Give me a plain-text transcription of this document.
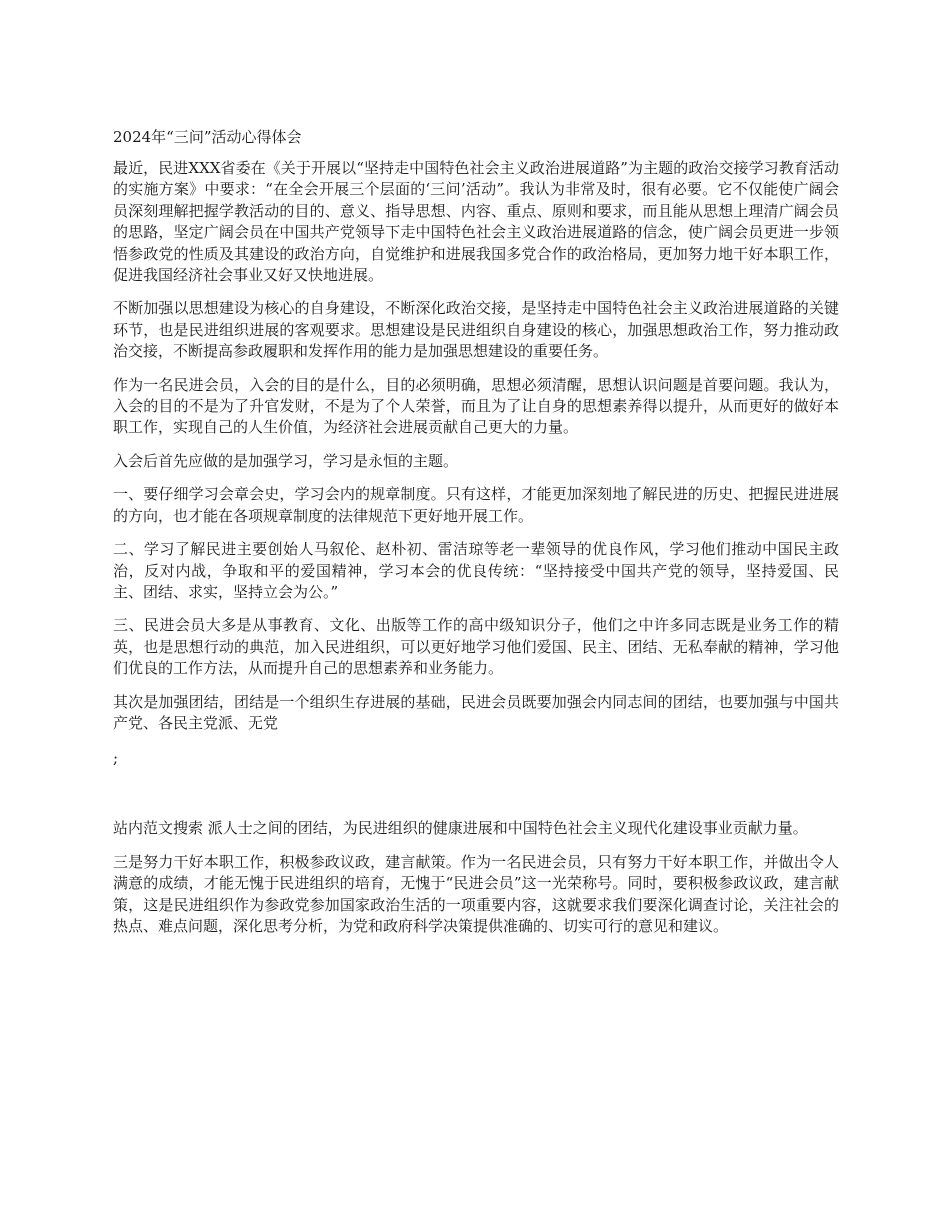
2024年“三问”活动心得体会

最近，民进XXX省委在《关于开展以“坚持走中国特色社会主义政治进展道路”为主题的政治交接学习教育活动的实施方案》中要求：“在全会开展三个层面的‘三问’活动”。我认为非常及时，很有必要。它不仅能使广阔会员深刻理解把握学教活动的目的、意义、指导思想、内容、重点、原则和要求，而且能从思想上理清广阔会员的思路，坚定广阔会员在中国共产党领导下走中国特色社会主义政治进展道路的信念，使广阔会员更进一步领悟参政党的性质及其建设的政治方向，自觉维护和进展我国多党合作的政治格局，更加努力地干好本职工作，促进我国经济社会事业又好又快地进展。

不断加强以思想建设为核心的自身建设，不断深化政治交接，是坚持走中国特色社会主义政治进展道路的关键环节，也是民进组织进展的客观要求。思想建设是民进组织自身建设的核心，加强思想政治工作，努力推动政治交接，不断提高参政履职和发挥作用的能力是加强思想建设的重要任务。

作为一名民进会员，入会的目的是什么，目的必须明确，思想必须清醒，思想认识问题是首要问题。我认为，入会的目的不是为了升官发财，不是为了个人荣誉，而且为了让自身的思想素养得以提升，从而更好的做好本职工作，实现自己的人生价值，为经济社会进展贡献自己更大的力量。

入会后首先应做的是加强学习，学习是永恒的主题。

一、要仔细学习会章会史，学习会内的规章制度。只有这样，才能更加深刻地了解民进的历史、把握民进进展的方向，也才能在各项规章制度的法律规范下更好地开展工作。

二、学习了解民进主要创始人马叙伦、赵朴初、雷洁琼等老一辈领导的优良作风，学习他们推动中国民主政治，反对内战，争取和平的爱国精神，学习本会的优良传统：“坚持接受中国共产党的领导，坚持爱国、民主、团结、求实，坚持立会为公。”

三、民进会员大多是从事教育、文化、出版等工作的高中级知识分子，他们之中许多同志既是业务工作的精英，也是思想行动的典范，加入民进组织，可以更好地学习他们爱国、民主、团结、无私奉献的精神，学习他们优良的工作方法，从而提升自己的思想素养和业务能力。

其次是加强团结，团结是一个组织生存进展的基础，民进会员既要加强会内同志间的团结，也要加强与中国共产党、各民主党派、无党

;

站内范文搜索 派人士之间的团结，为民进组织的健康进展和中国特色社会主义现代化建设事业贡献力量。

三是努力干好本职工作，积极参政议政，建言献策。作为一名民进会员，只有努力干好本职工作，并做出令人满意的成绩，才能无愧于民进组织的培育，无愧于“民进会员”这一光荣称号。同时，要积极参政议政，建言献策，这是民进组织作为参政党参加国家政治生活的一项重要内容，这就要求我们要深化调查讨论，关注社会的热点、难点问题，深化思考分析，为党和政府科学决策提供准确的、切实可行的意见和建议。
